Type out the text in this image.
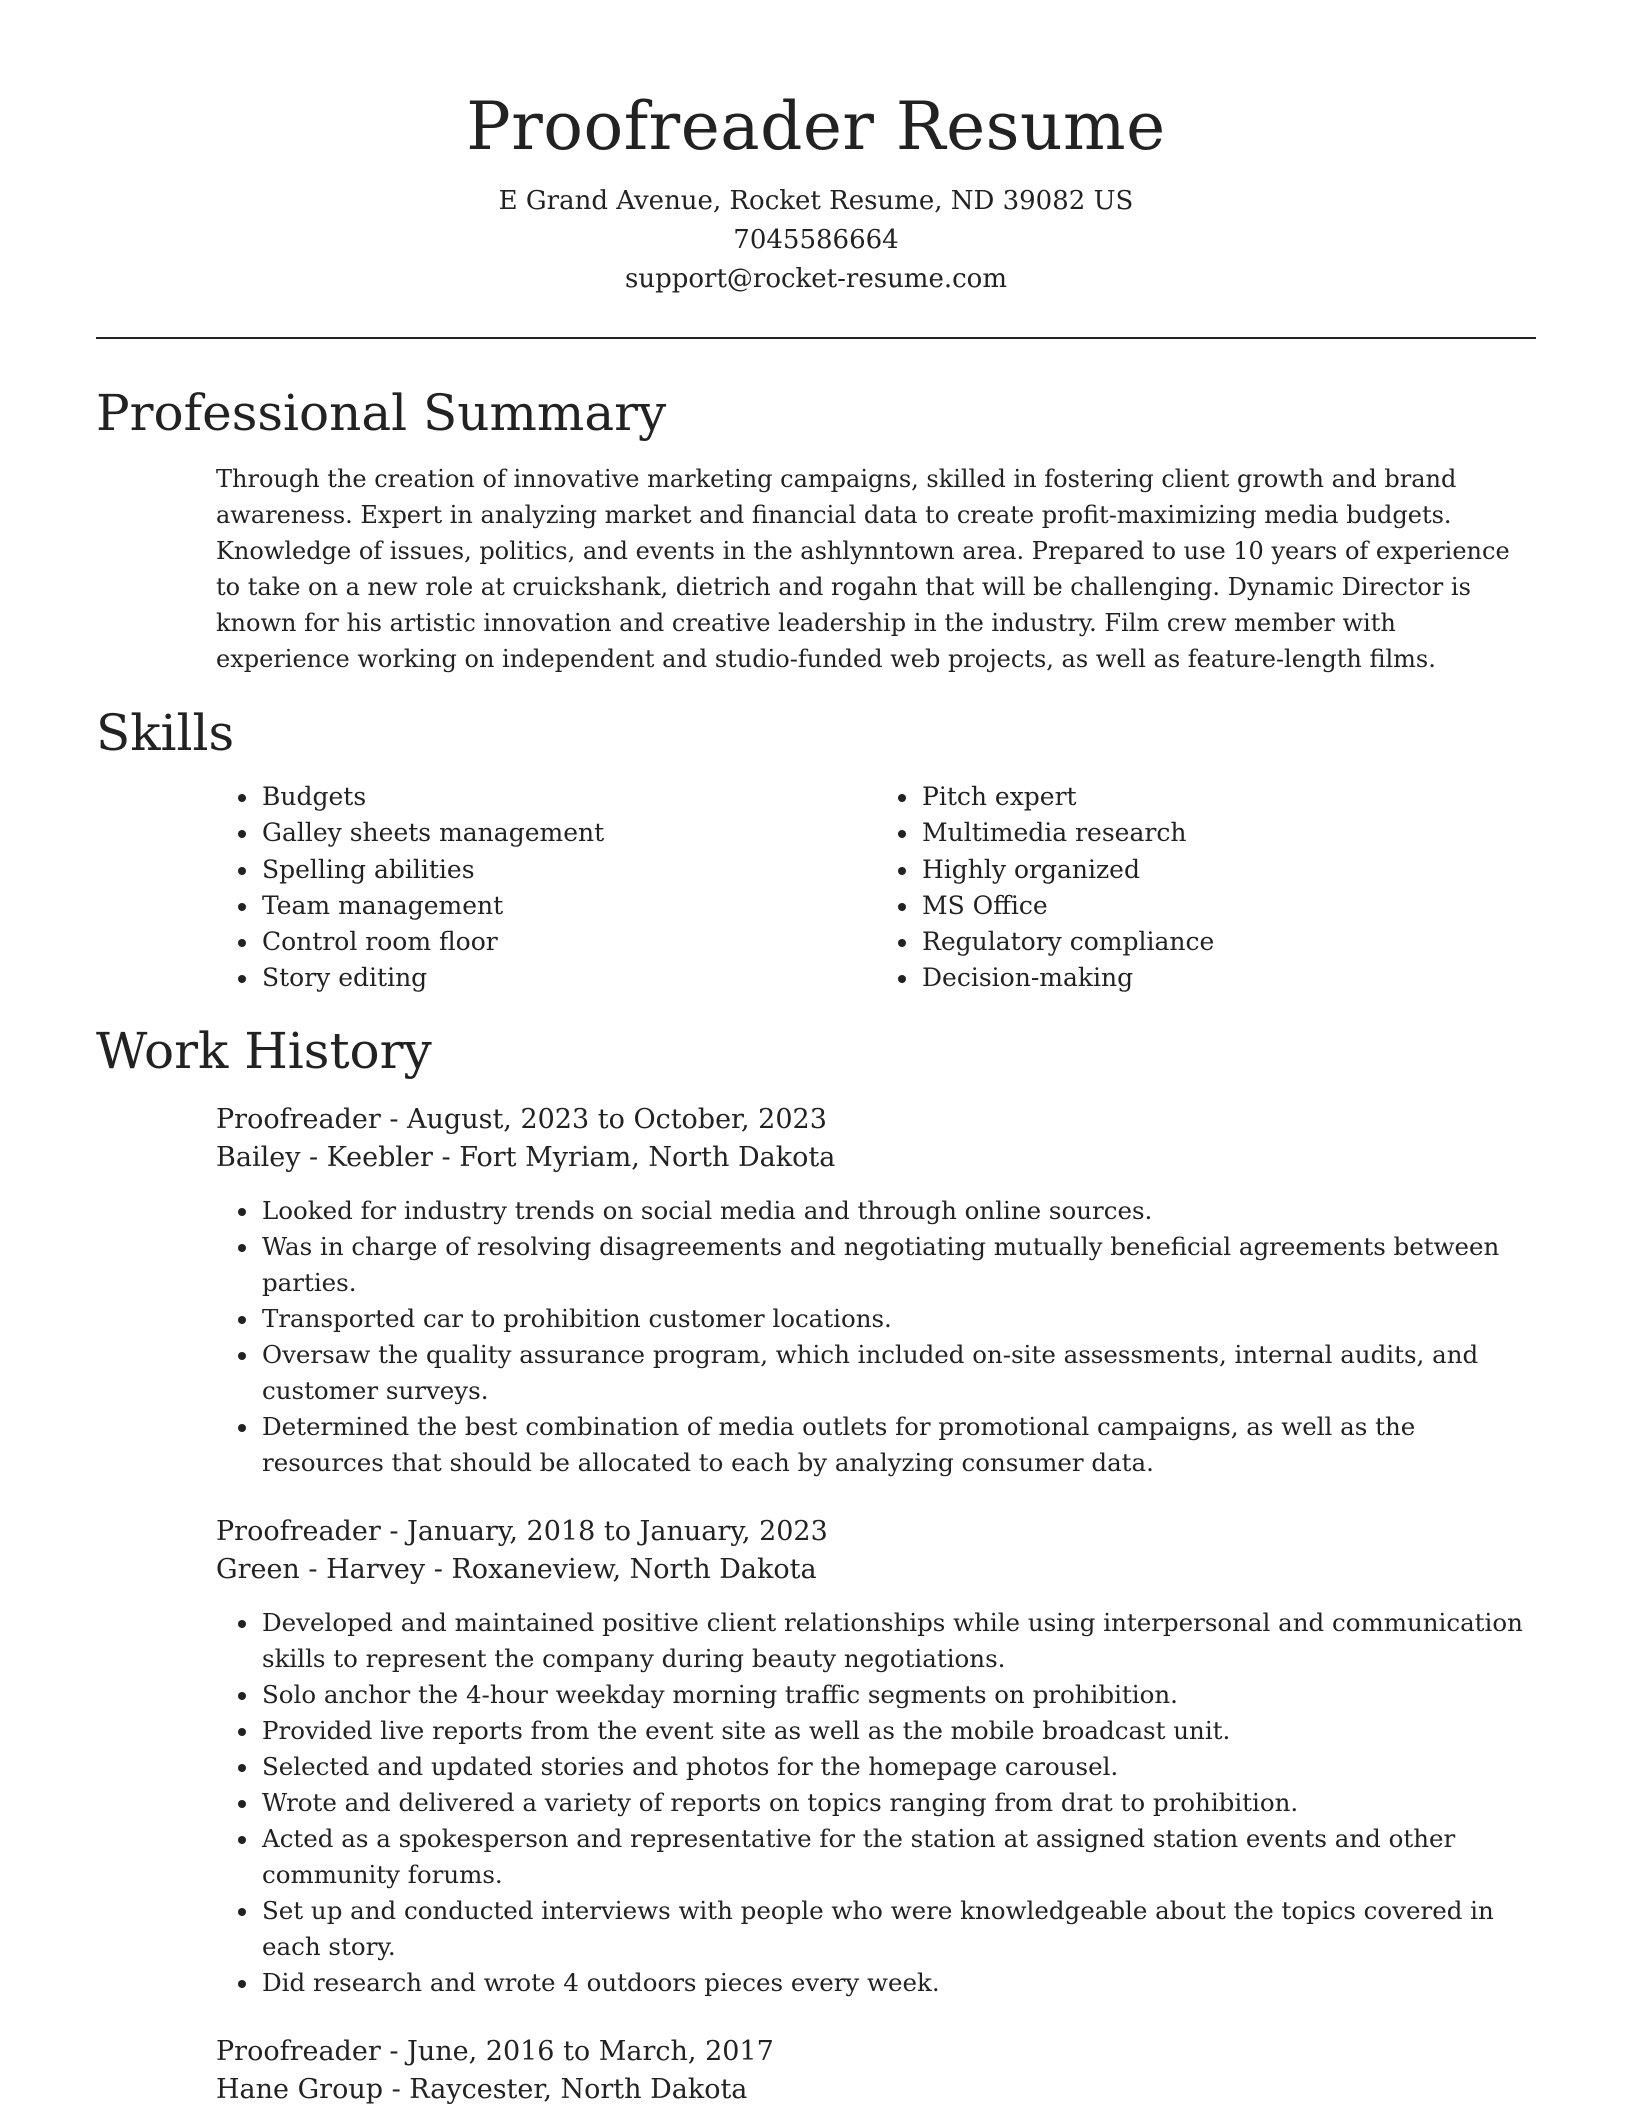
Proofreader Resume

E Grand Avenue, Rocket Resume, ND 39082 US

7045586664

support@rocket-resume.com

Professional Summary

Through the creation of innovative marketing campaigns, skilled in fostering client growth and brand awareness. Expert in analyzing market and financial data to create profit-maximizing media budgets. Knowledge of issues, politics, and events in the ashlynntown area. Prepared to use 10 years of experience to take on a new role at cruickshank, dietrich and rogahn that will be challenging. Dynamic Director is known for his artistic innovation and creative leadership in the industry. Film crew member with experience working on independent and studio-funded web projects, as well as feature-length films.

Skills
• Budgets
• Galley sheets management
• Spelling abilities
• Team management
• Control room floor
• Story editing
• Pitch expert
• Multimedia research
• Highly organized
• MS Office
• Regulatory compliance
• Decision-making
Work History

Proofreader - August, 2023 to October, 2023

Bailey - Keebler - Fort Myriam, North Dakota

• Looked for industry trends on social media and through online sources.
• Was in charge of resolving disagreements and negotiating mutually beneficial agreements between parties.
• Transported car to prohibition customer locations.
• Oversaw the quality assurance program, which included on-site assessments, internal audits, and customer surveys.
• Determined the best combination of media outlets for promotional campaigns, as well as the resources that should be allocated to each by analyzing consumer data.

Proofreader - January, 2018 to January, 2023

Green - Harvey - Roxaneview, North Dakota

• Developed and maintained positive client relationships while using interpersonal and communication skills to represent the company during beauty negotiations.
• Solo anchor the 4-hour weekday morning traffic segments on prohibition.
• Provided live reports from the event site as well as the mobile broadcast unit.
• Selected and updated stories and photos for the homepage carousel.
• Wrote and delivered a variety of reports on topics ranging from drat to prohibition.
• Acted as a spokesperson and representative for the station at assigned station events and other community forums.
• Set up and conducted interviews with people who were knowledgeable about the topics covered in each story.
• Did research and wrote 4 outdoors pieces every week.

Proofreader - June, 2016 to March, 2017

Hane Group - Raycester, North Dakota
